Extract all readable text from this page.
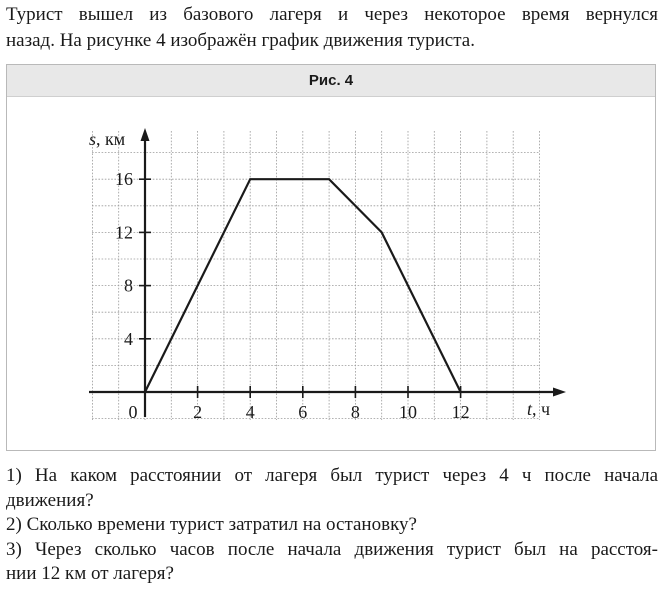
Турист вышел из базового лагеря и через некоторое время вернулся
назад. На рисунке 4 изображён график движения туриста.

Рис. 4
0	2 4 6 8 10 12
4
8
12
16
s, км
t, ч

1) На каком расстоянии от лагеря был турист через 4 ч после начала
движения?

2) Сколько времени турист затратил на остановку?

3) Через сколько часов после начала движения турист был на расстоя-
нии 12 км от лагеря?
